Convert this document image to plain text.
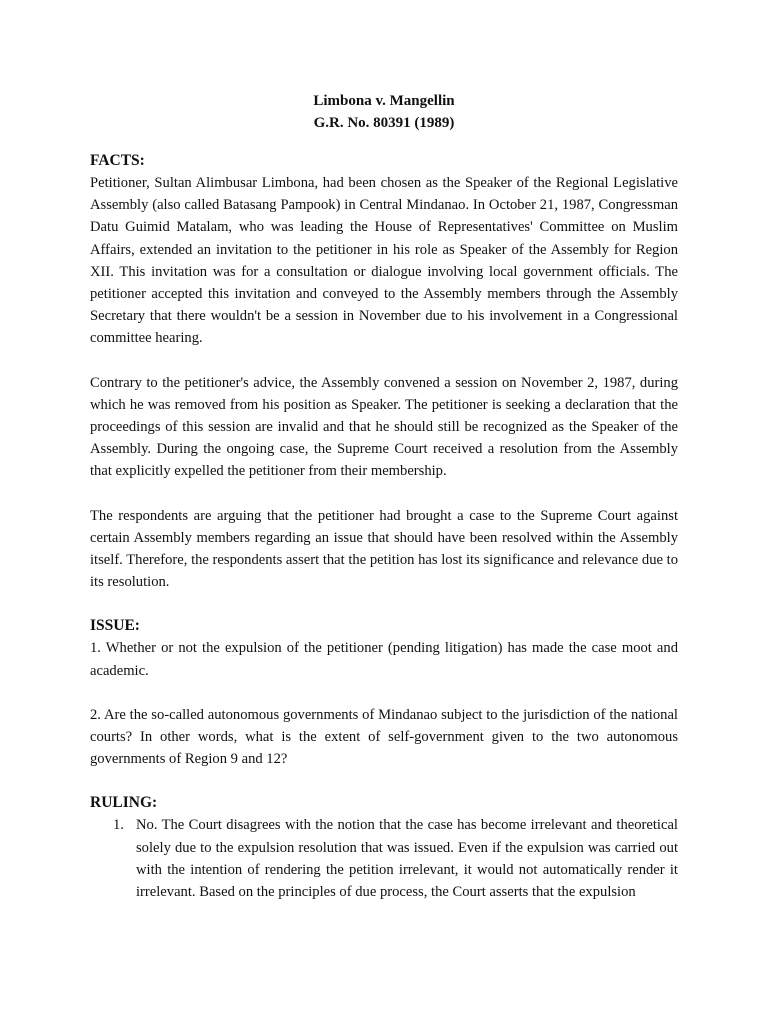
Limbona v. Mangellin
G.R. No. 80391 (1989)
FACTS:

Petitioner, Sultan Alimbusar Limbona, had been chosen as the Speaker of the Regional Legislative Assembly (also called Batasang Pampook) in Central Mindanao. In October 21, 1987, Congressman Datu Guimid Matalam, who was leading the House of Representatives' Committee on Muslim Affairs, extended an invitation to the petitioner in his role as Speaker of the Assembly for Region XII. This invitation was for a consultation or dialogue involving local government officials. The petitioner accepted this invitation and conveyed to the Assembly members through the Assembly Secretary that there wouldn't be a session in November due to his involvement in a Congressional committee hearing.

Contrary to the petitioner's advice, the Assembly convened a session on November 2, 1987, during which he was removed from his position as Speaker. The petitioner is seeking a declaration that the proceedings of this session are invalid and that he should still be recognized as the Speaker of the Assembly. During the ongoing case, the Supreme Court received a resolution from the Assembly that explicitly expelled the petitioner from their membership.

The respondents are arguing that the petitioner had brought a case to the Supreme Court against certain Assembly members regarding an issue that should have been resolved within the Assembly itself. Therefore, the respondents assert that the petition has lost its significance and relevance due to its resolution.

ISSUE:

1. Whether or not the expulsion of the petitioner (pending litigation) has made the case moot and academic.

2. Are the so-called autonomous governments of Mindanao subject to the jurisdiction of the national courts? In other words, what is the extent of self-government given to the two autonomous governments of Region 9 and 12?

RULING:
1. No. The Court disagrees with the notion that the case has become irrelevant and theoretical solely due to the expulsion resolution that was issued. Even if the expulsion was carried out with the intention of rendering the petition irrelevant, it would not automatically render it irrelevant. Based on the principles of due process, the Court asserts that the expulsion
